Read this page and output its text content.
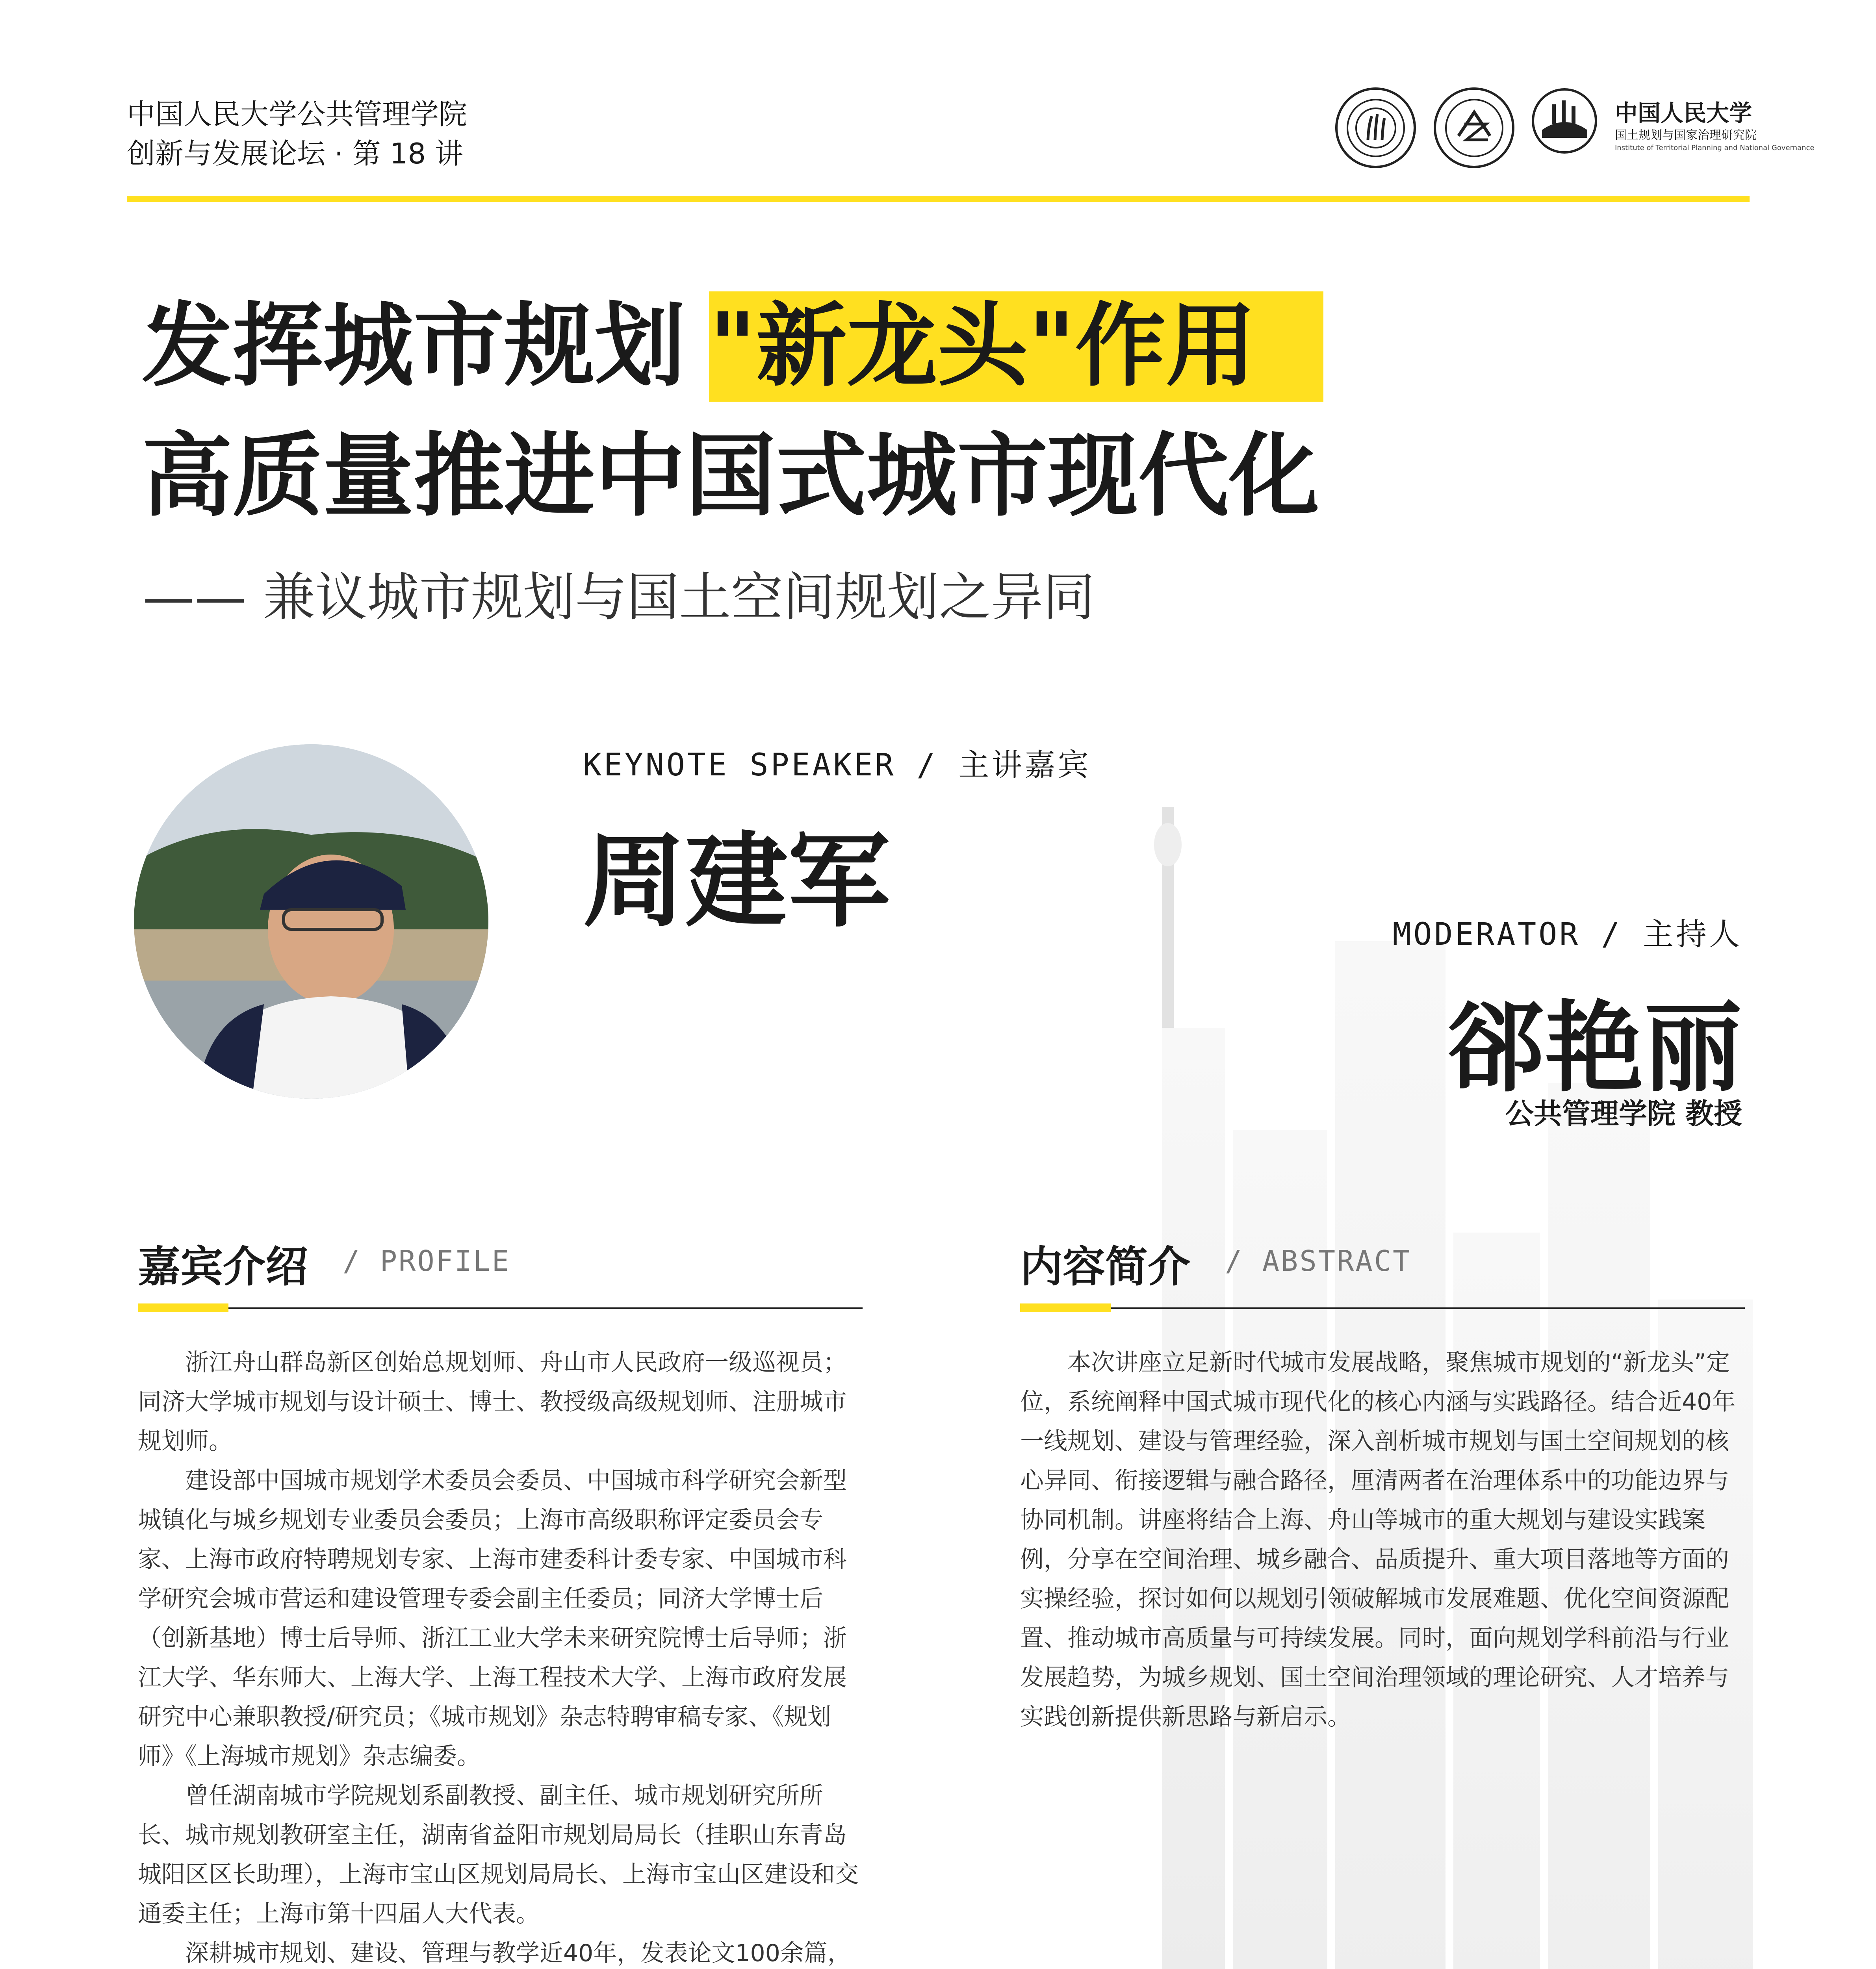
中国人民大学公共管理学院
创新与发展论坛 · 第 18 讲
中国人民大学
国土规划与国家治理研究院
Institute of Territorial Planning and National Governance
发挥城市规划 "新龙头"作用
高质量推进中国式城市现代化
—— 兼议城市规划与国土空间规划之异同
KEYNOTE SPEAKER / 主讲嘉宾
周建军	MODERATOR / 主持人
郤艳丽
公共管理学院 教授
嘉宾介绍 / PROFILE

浙江舟山群岛新区创始总规划师、舟山市人民政府一级巡视员；同济大学城市规划与设计硕士、博士、教授级高级规划师、注册城市规划师。

建设部中国城市规划学术委员会委员、中国城市科学研究会新型城镇化与城乡规划专业委员会委员；上海市高级职称评定委员会专家、上海市政府特聘规划专家、上海市建委科计委专家、中国城市科学研究会城市营运和建设管理专委会副主任委员；同济大学博士后（创新基地）博士后导师、浙江工业大学未来研究院博士后导师；浙江大学、华东师大、上海大学、上海工程技术大学、上海市政府发展研究中心兼职教授/研究员；《城市规划》杂志特聘审稿专家、《规划师》《上海城市规划》杂志编委。

曾任湖南城市学院规划系副教授、副主任、城市规划研究所所长、城市规划教研室主任，湖南省益阳市规划局局长（挂职山东青岛城阳区区长助理），上海市宝山区规划局局长、上海市宝山区建设和交通委主任；上海市第十四届人大代表。

深耕城市规划、建设、管理与教学近40年，发表论文100余篇，

内容简介 / ABSTRACT

本次讲座立足新时代城市发展战略，聚焦城市规划的“新龙头”定位，系统阐释中国式城市现代化的核心内涵与实践路径。结合近40年一线规划、建设与管理经验，深入剖析城市规划与国土空间规划的核心异同、衔接逻辑与融合路径，厘清两者在治理体系中的功能边界与协同机制。讲座将结合上海、舟山等城市的重大规划与建设实践案例，分享在空间治理、城乡融合、品质提升、重大项目落地等方面的实操经验，探讨如何以规划引领破解城市发展难题、优化空间资源配置、推动城市高质量与可持续发展。同时，面向规划学科前沿与行业发展趋势，为城乡规划、国土空间治理领域的理论研究、人才培养与实践创新提供新思路与新启示。
